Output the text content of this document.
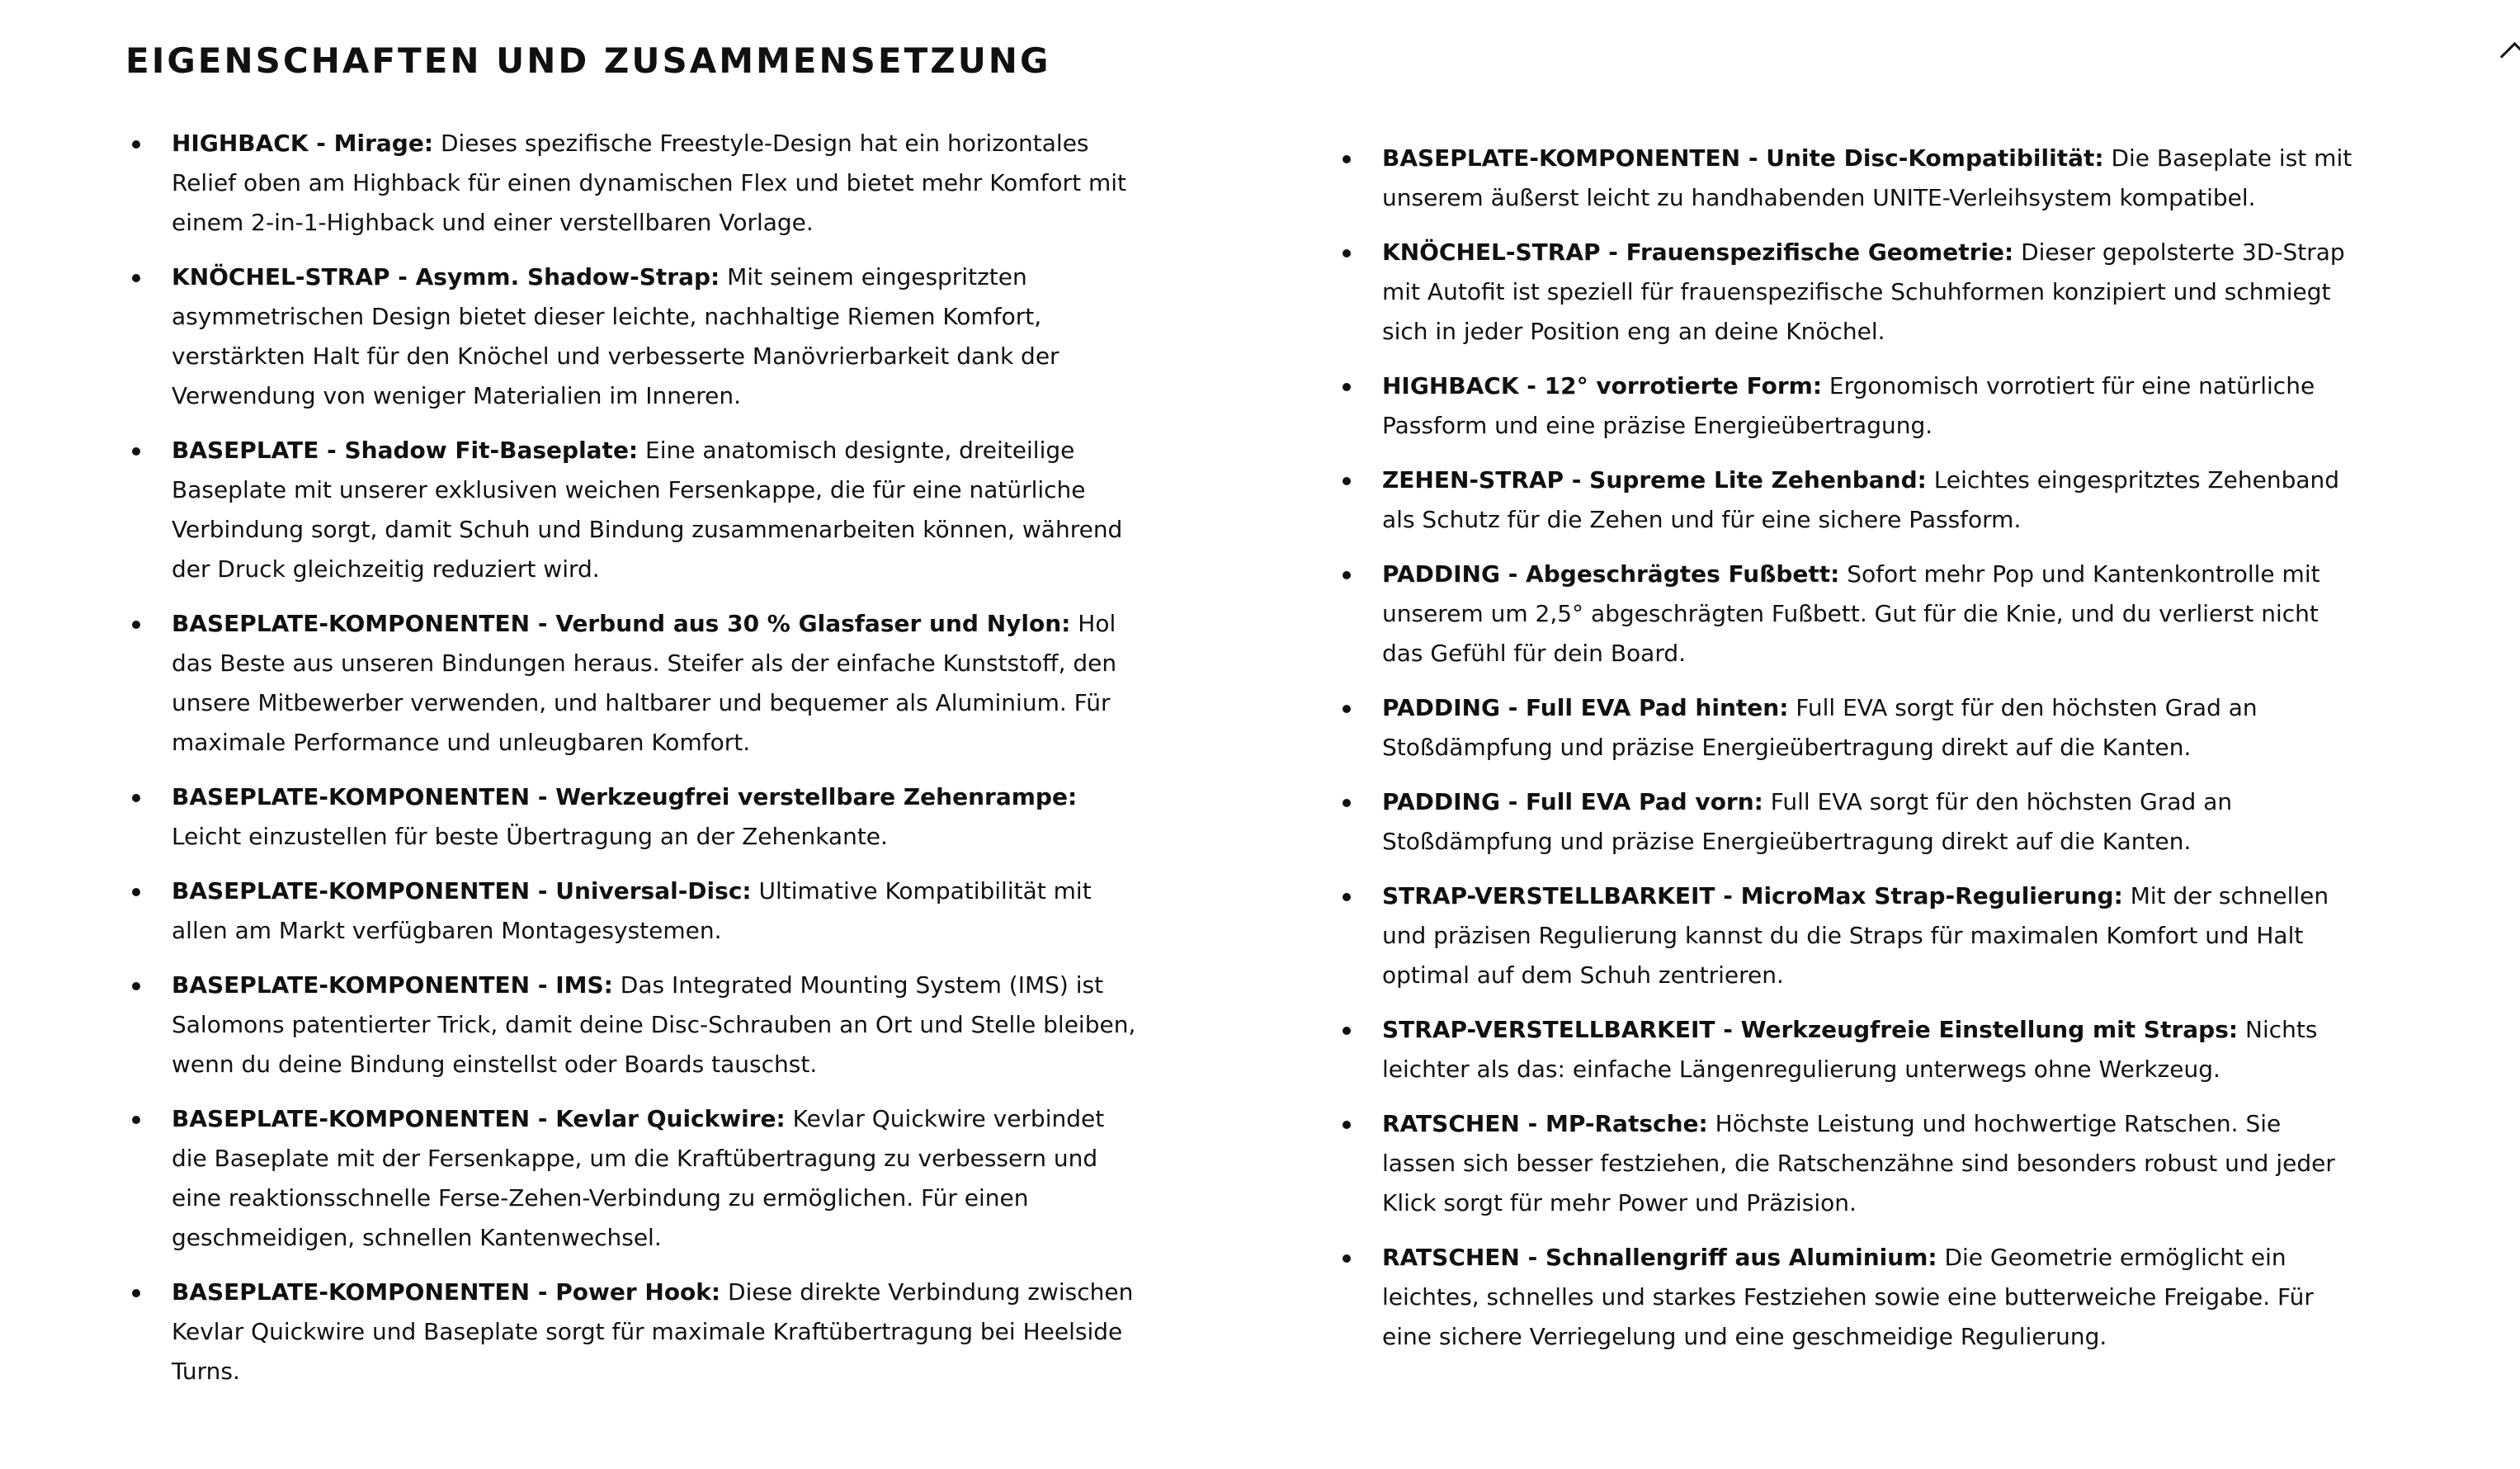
EIGENSCHAFTEN UND ZUSAMMENSETZUNG
HIGHBACK - Mirage: Dieses spezifische Freestyle-Design hat ein horizontales Relief oben am Highback für einen dynamischen Flex und bietet mehr Komfort mit einem 2-in-1-Highback und einer verstellbaren Vorlage.
KNÖCHEL-STRAP - Asymm. Shadow-Strap: Mit seinem eingespritzten asymmetrischen Design bietet dieser leichte, nachhaltige Riemen Komfort, verstärkten Halt für den Knöchel und verbesserte Manövrierbarkeit dank der Verwendung von weniger Materialien im Inneren.
BASEPLATE - Shadow Fit-Baseplate: Eine anatomisch designte, dreiteilige Baseplate mit unserer exklusiven weichen Fersenkappe, die für eine natürliche Verbindung sorgt, damit Schuh und Bindung zusammenarbeiten können, während der Druck gleichzeitig reduziert wird.
BASEPLATE-KOMPONENTEN - Verbund aus 30 % Glasfaser und Nylon: Hol das Beste aus unseren Bindungen heraus. Steifer als der einfache Kunststoff, den unsere Mitbewerber verwenden, und haltbarer und bequemer als Aluminium. Für maximale Performance und unleugbaren Komfort.
BASEPLATE-KOMPONENTEN - Werkzeugfrei verstellbare Zehenrampe: Leicht einzustellen für beste Übertragung an der Zehenkante.
BASEPLATE-KOMPONENTEN - Universal-Disc: Ultimative Kompatibilität mit allen am Markt verfügbaren Montagesystemen.
BASEPLATE-KOMPONENTEN - IMS: Das Integrated Mounting System (IMS) ist Salomons patentierter Trick, damit deine Disc-Schrauben an Ort und Stelle bleiben, wenn du deine Bindung einstellst oder Boards tauschst.
BASEPLATE-KOMPONENTEN - Kevlar Quickwire: Kevlar Quickwire verbindet die Baseplate mit der Fersenkappe, um die Kraftübertragung zu verbessern und eine reaktionsschnelle Ferse-Zehen-Verbindung zu ermöglichen. Für einen geschmeidigen, schnellen Kantenwechsel.
BASEPLATE-KOMPONENTEN - Power Hook: Diese direkte Verbindung zwischen Kevlar Quickwire und Baseplate sorgt für maximale Kraftübertragung bei Heelside Turns.
BASEPLATE-KOMPONENTEN - Unite Disc-Kompatibilität: Die Baseplate ist mit unserem äußerst leicht zu handhabenden UNITE-Verleihsystem kompatibel.
KNÖCHEL-STRAP - Frauenspezifische Geometrie: Dieser gepolsterte 3D-Strap mit Autofit ist speziell für frauenspezifische Schuhformen konzipiert und schmiegt sich in jeder Position eng an deine Knöchel.
HIGHBACK - 12° vorrotierte Form: Ergonomisch vorrotiert für eine natürliche Passform und eine präzise Energieübertragung.
ZEHEN-STRAP - Supreme Lite Zehenband: Leichtes eingespritztes Zehenband als Schutz für die Zehen und für eine sichere Passform.
PADDING - Abgeschrägtes Fußbett: Sofort mehr Pop und Kantenkontrolle mit unserem um 2,5° abgeschrägten Fußbett. Gut für die Knie, und du verlierst nicht das Gefühl für dein Board.
PADDING - Full EVA Pad hinten: Full EVA sorgt für den höchsten Grad an Stoßdämpfung und präzise Energieübertragung direkt auf die Kanten.
PADDING - Full EVA Pad vorn: Full EVA sorgt für den höchsten Grad an Stoßdämpfung und präzise Energieübertragung direkt auf die Kanten.
STRAP-VERSTELLBARKEIT - MicroMax Strap-Regulierung: Mit der schnellen und präzisen Regulierung kannst du die Straps für maximalen Komfort und Halt optimal auf dem Schuh zentrieren.
STRAP-VERSTELLBARKEIT - Werkzeugfreie Einstellung mit Straps: Nichts leichter als das: einfache Längenregulierung unterwegs ohne Werkzeug.
RATSCHEN - MP-Ratsche: Höchste Leistung und hochwertige Ratschen. Sie lassen sich besser festziehen, die Ratschenzähne sind besonders robust und jeder Klick sorgt für mehr Power und Präzision.
RATSCHEN - Schnallengriff aus Aluminium: Die Geometrie ermöglicht ein leichtes, schnelles und starkes Festziehen sowie eine butterweiche Freigabe. Für eine sichere Verriegelung und eine geschmeidige Regulierung.
